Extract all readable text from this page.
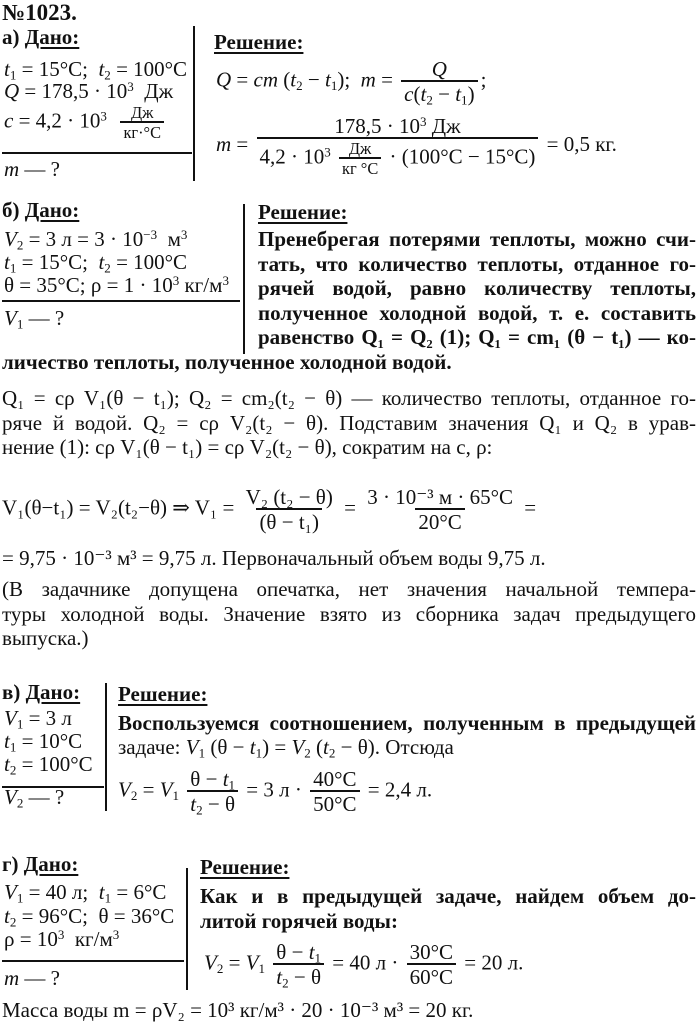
№1023.
а) Дано:
$t_1 = 15^\circ C$;  $t_2 = 100^\circ C$
$Q = 178,5 \cdot 10^3$  Дж
$c = 4,2 \cdot 10^3 \frac{Дж}{кг\cdot^\circ C}$
m — ?
Решение:
Q = cm $(t_2 - t_1)$;  $m = \frac{Q}{c(t_2 - t_1)}$ ;
$m = \frac{178,5 \cdot 10^3 Дж}{4,2 \cdot 10^3 \frac{Дж}{кг ^\circ C} \cdot (100^\circ C - 15^\circ C)} = 0,5$ кг.
б) Дано:
$V_2 = 3$ $л = 3 \cdot 10^{-3}$  $м^3$
$t_1 = 15^\circ C$;  $t_2 = 100^\circ C$
θ = 35°C; $\rho = 1 \cdot 10^3$ $кг/м^3$
$V_1$ — ?
Решение:
Пренебрегая потерями теплоты, можно счи-
тать, что количество теплоты, отданное го-
рячей водой, равно количеству теплоты,
полученное холодной водой, т. е. составить
равенство Q₁ = Q₂ (1); Q₁ = cm₁ (θ − t₁) — ко-
личество теплоты, полученное холодной водой.
Q₁ = cρ V₁(θ − t₁); Q₂ = cm₂(t₂ − θ) — количество теплоты, отданное го-
ряче й водой. Q₂ = cρ V₂(t₂ − θ). Подставим значения Q₁ и Q₂ в урав-
нение (1): cρ V₁(θ − t₁) = cρ V₂(t₂ − θ), сократим на c, ρ:
V₁(θ−t₁) = V₂(t₂−θ) ⇒ $V_1 = \frac{\text{V₂ (t₂ − θ)}}{\text{(θ − t₁)}} = \frac{\text{3 · 10⁻³ м · 65°C}}{20^\circ C}$ =
= 9,75 · 10⁻³ м³ = 9,75 л. Первоначальный объем воды 9,75 л.
(В задачнике допущена опечатка, нет значения начальной темпера-
туры холодной воды. Значение взято из сборника задач предыдущего
выпуска.)
в) Дано:
$V_1 = 3$ л
$t_1 = 10^\circ C$
$t_2 = 100^\circ C$
$V_2$ — ?
Решение:
Воспользуемся соотношением, полученным в предыдущей
задаче: $V_1$ $(\theta - t_1) = V_2$ $(t_2 - \theta)$. Отсюда
$V_2 = V_1 \frac{\theta - t_1}{t_2 - \theta} = 3$ $л \cdot \frac{40^\circ C}{50^\circ C} = 2,4$ л.
г) Дано:
$V_1 = 40$ л;  $t_1 = 6^\circ C$
$t_2 = 96^\circ C$;  θ = 36°C
$\rho = 10^3$  $кг/м^3$
m — ?
Решение:
Как и в предыдущей задаче, найдем объем до-
литой горячей воды:
$V_2 = V_1 \frac{\theta - t_1}{t_2 - \theta} = 40$ $л \cdot \frac{30^\circ C}{60^\circ C} = 20$ л.
Масса воды m = ρV₂ = 10³ кг/м³ · 20 · 10⁻³ м³ = 20 кг.
